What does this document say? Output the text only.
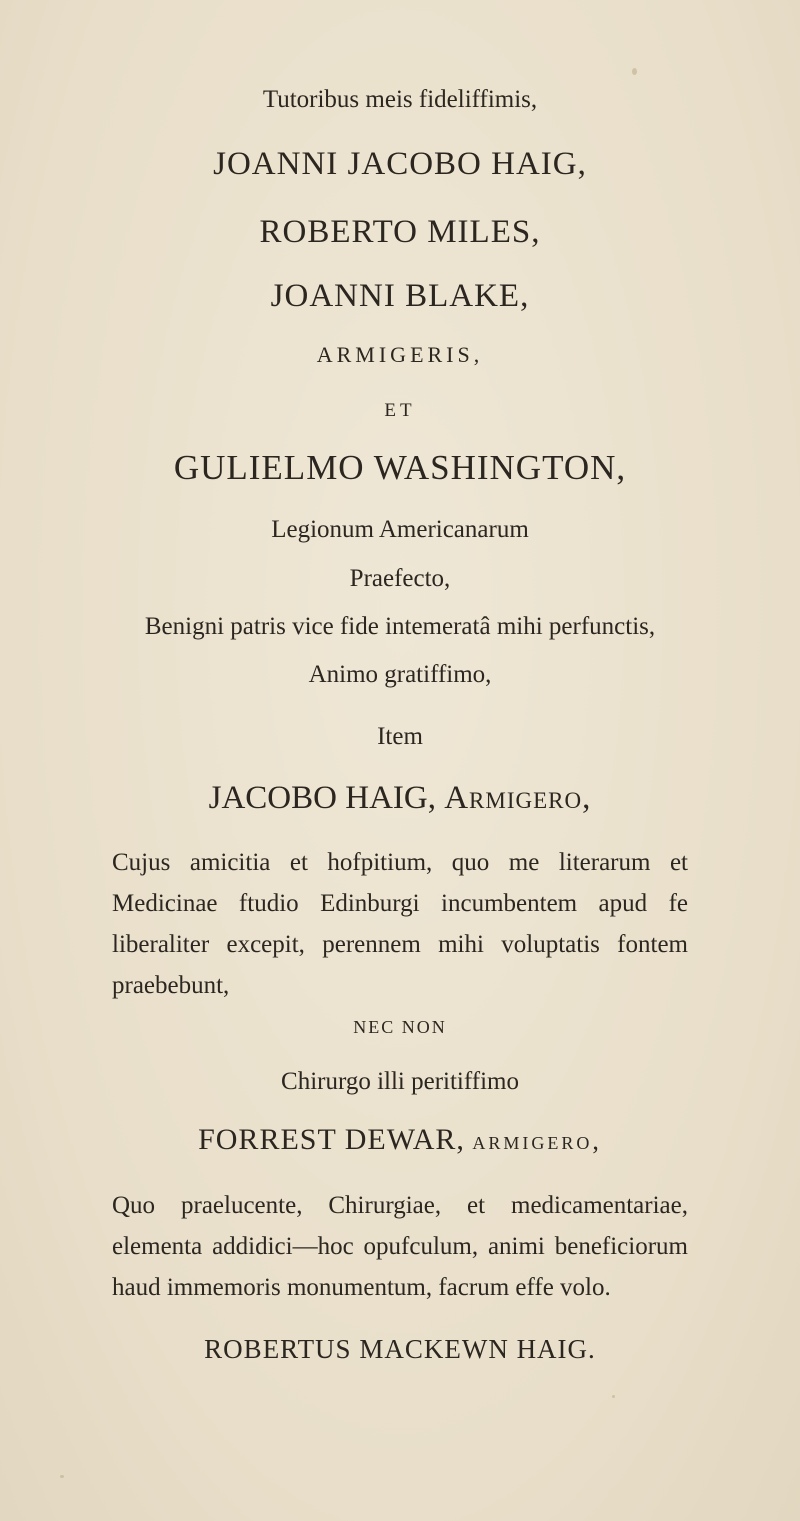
Tutoribus meis fideliffimis,
JOANNI JACOBO HAIG,
ROBERTO MILES,
JOANNI BLAKE,
ARMIGERIS,
ET
GULIELMO WASHINGTON,
Legionum Americanarum
Praefecto,
Benigni patris vice fide intemeratâ mihi perfunctis,
Animo gratiffimo,
Item
JACOBO HAIG, Armigero,
Cujus amicitia et hofpitium, quo me literarum et Medicinae ftudio Edinburgi incumbentem apud fe liberaliter excepit, perennem mihi voluptatis fontem praebebunt,
NEC NON
Chirurgo illi peritiffimo
FORREST DEWAR, armigero,
Quo praelucente, Chirurgiae, et medicamentariae, elementa addidici—hoc opufculum, animi beneficiorum haud immemoris monumentum, facrum effe volo.
ROBERTUS MACKEWN HAIG.
